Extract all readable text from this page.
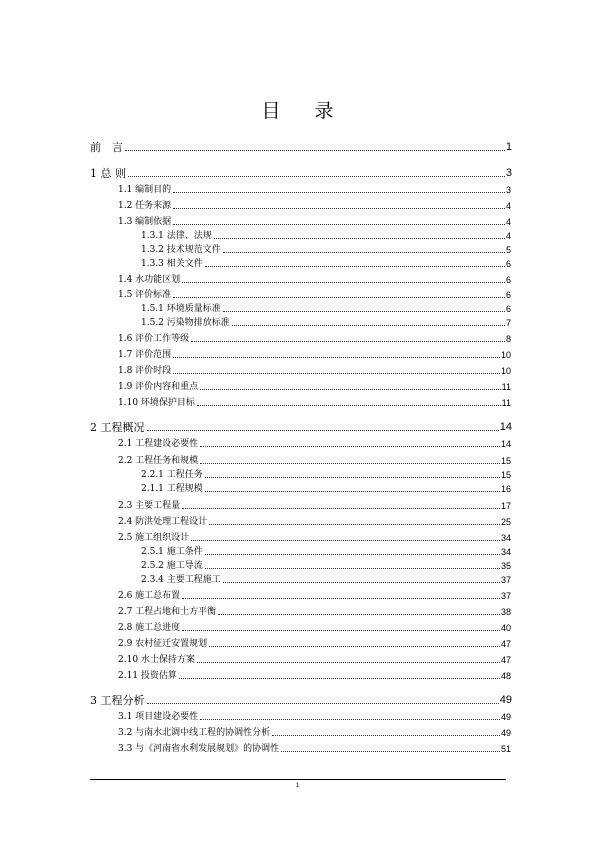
目 录
前　言	1
1 总 则	3
1.1 编制目的	3
1.2 任务来源	4
1.3 编制依据	4
1.3.1 法律、法规	4
1.3.2 技术规范文件	5
1.3.3 相关文件	6
1.4 水功能区划	6
1.5 评价标准	6
1.5.1 环境质量标准	6
1.5.2 污染物排放标准	7
1.6 评价工作等级	8
1.7 评价范围	10
1.8 评价时段	10
1.9 评价内容和重点	11
1.10 环境保护目标	11
2 工程概况	14
2.1 工程建设必要性	14
2.2 工程任务和规模	15
2.2.1 工程任务	15
2.1.1 工程规模	16
2.3 主要工程量	17
2.4 防洪处理工程设计	25
2.5 施工组织设计	34
2.5.1 施工条件	34
2.5.2 施工导流	35
2.3.4 主要工程施工	37
2.6 施工总布置	37
2.7 工程占地和土方平衡	38
2.8 施工总进度	40
2.9 农村征迁安置规划	47
2.10 水土保持方案	47
2.11 投资估算	48
3 工程分析	49
3.1 项目建设必要性	49
3.2 与南水北调中线工程的协调性分析	49
3.3 与《河南省水利发展规划》的协调性	51
1
